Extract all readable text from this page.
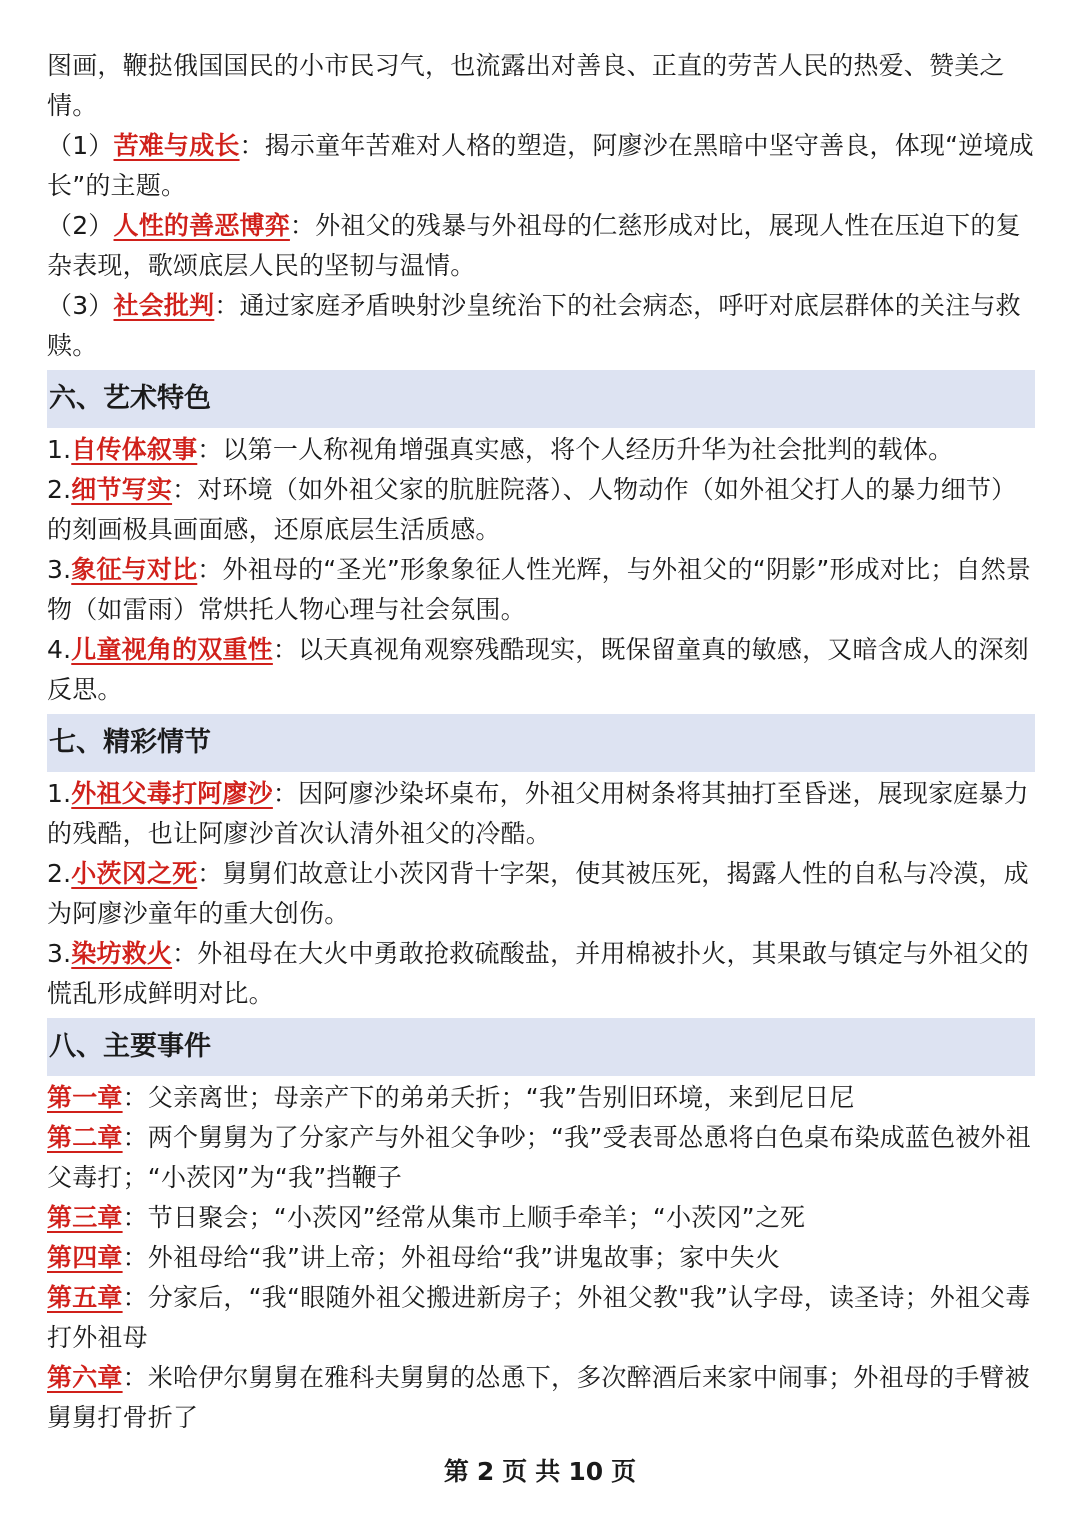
图画，鞭挞俄国国民的小市民习气，也流露出对善良、正直的劳苦人民的热爱、赞美之情。

（1）苦难与成长：揭示童年苦难对人格的塑造，阿廖沙在黑暗中坚守善良，体现“逆境成长”的主题。

（2）人性的善恶博弈：外祖父的残暴与外祖母的仁慈形成对比，展现人性在压迫下的复杂表现，歌颂底层人民的坚韧与温情。

（3）社会批判：通过家庭矛盾映射沙皇统治下的社会病态，呼吁对底层群体的关注与救赎。

六、艺术特色

1.自传体叙事：以第一人称视角增强真实感，将个人经历升华为社会批判的载体。

2.细节写实：对环境（如外祖父家的肮脏院落）、人物动作（如外祖父打人的暴力细节）的刻画极具画面感，还原底层生活质感。

3.象征与对比：外祖母的“圣光”形象象征人性光辉，与外祖父的“阴影”形成对比；自然景物（如雷雨）常烘托人物心理与社会氛围。

4.儿童视角的双重性：以天真视角观察残酷现实，既保留童真的敏感，又暗含成人的深刻反思。

七、精彩情节

1.外祖父毒打阿廖沙：因阿廖沙染坏桌布，外祖父用树条将其抽打至昏迷，展现家庭暴力的残酷，也让阿廖沙首次认清外祖父的冷酷。

2.小茨冈之死：舅舅们故意让小茨冈背十字架，使其被压死，揭露人性的自私与冷漠，成为阿廖沙童年的重大创伤。

3.染坊救火：外祖母在大火中勇敢抢救硫酸盐，并用棉被扑火，其果敢与镇定与外祖父的慌乱形成鲜明对比。

八、主要事件

第一章：父亲离世；母亲产下的弟弟夭折；“我”告别旧环境，来到尼日尼

第二章：两个舅舅为了分家产与外祖父争吵；“我”受表哥怂恿将白色桌布染成蓝色被外祖父毒打；“小茨冈”为“我”挡鞭子

第三章：节日聚会；“小茨冈”经常从集市上顺手牵羊；“小茨冈”之死

第四章：外祖母给“我”讲上帝；外祖母给“我”讲鬼故事；家中失火

第五章：分家后，“我“眼随外祖父搬进新房子；外祖父教"我”认字母，读圣诗；外祖父毒打外祖母

第六章：米哈伊尔舅舅在雅科夫舅舅的怂恿下，多次醉酒后来家中闹事；外祖母的手臂被舅舅打骨折了

第 2 页 共 10 页
